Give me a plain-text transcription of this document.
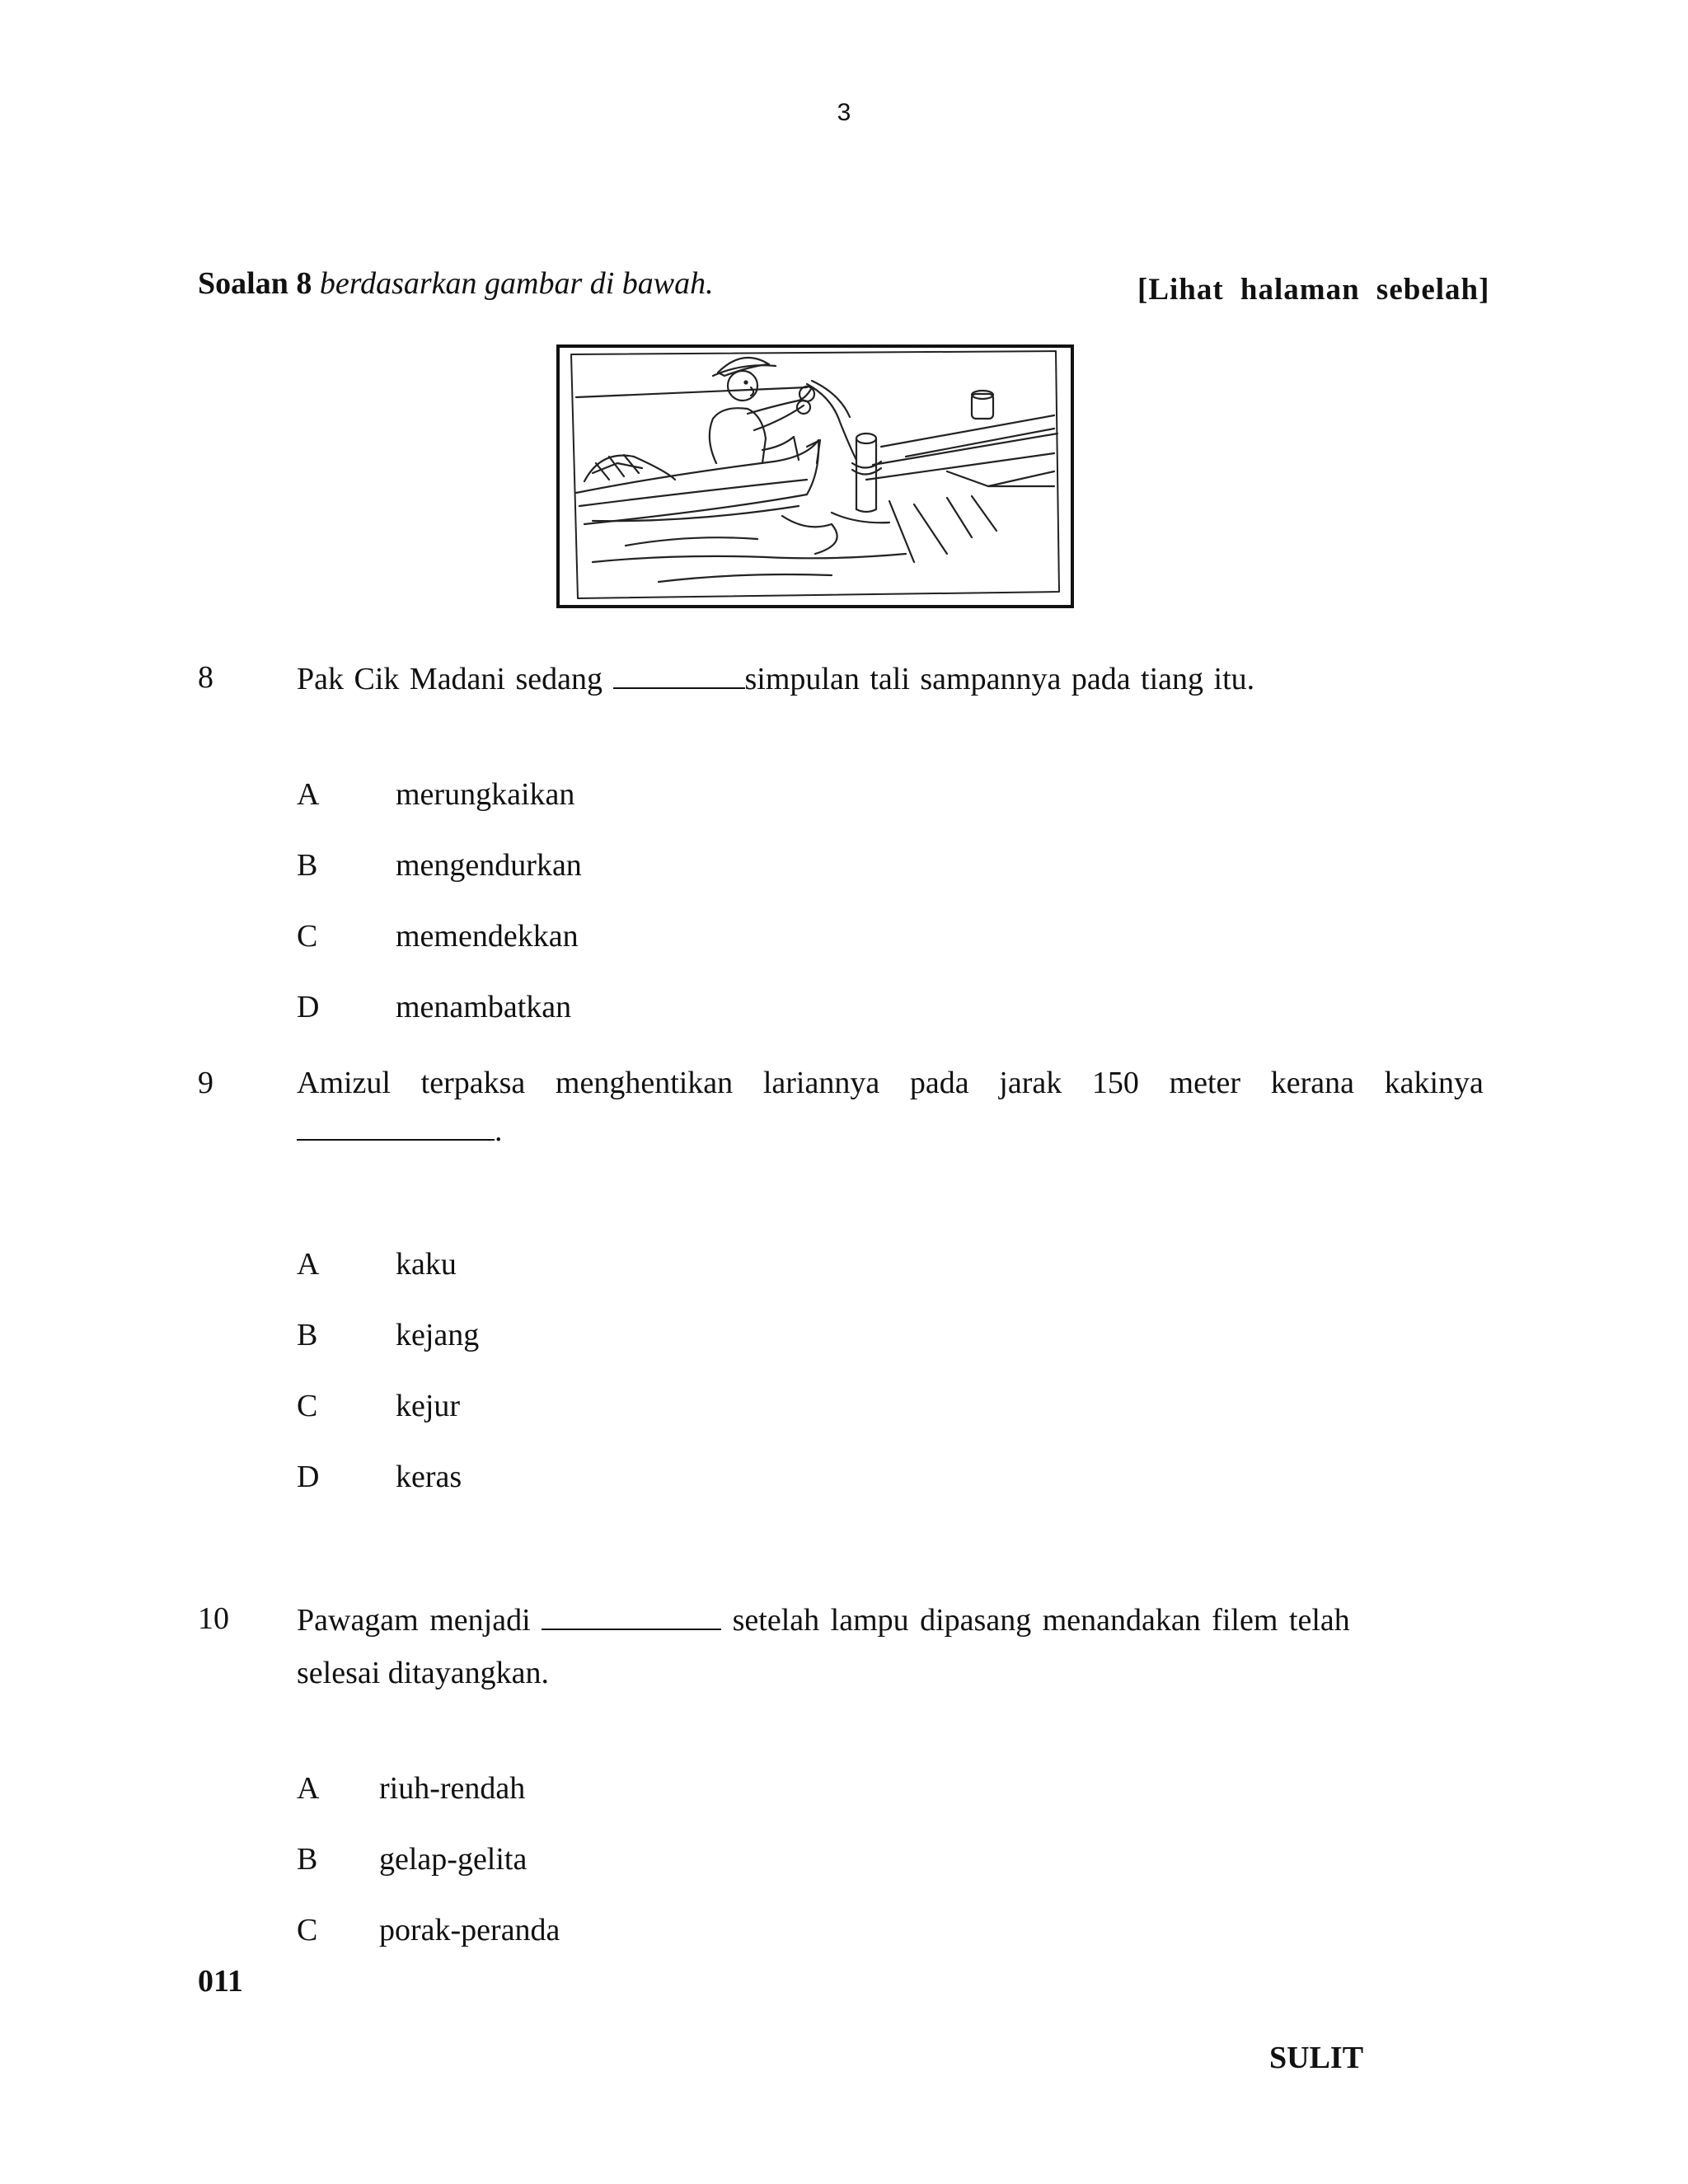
3
Soalan 8 berdasarkan gambar di bawah.	[Lihat halaman sebelah]
8	Pak Cik Madani sedang	simpulan tali sampannya pada tiang itu.
A merungkaikan
B mengendurkan
C memendekkan
D menambatkan
9	Amizul terpaksa menghentikan lariannya pada jarak 150 meter kerana kakinya
.
A kaku
B kejang
C kejur
D keras
10 Pawagam menjadi	setelah lampu dipasang menandakan filem telah
selesai ditayangkan.
A riuh-rendah
B gelap-gelita
C porak-peranda
011
SULIT
